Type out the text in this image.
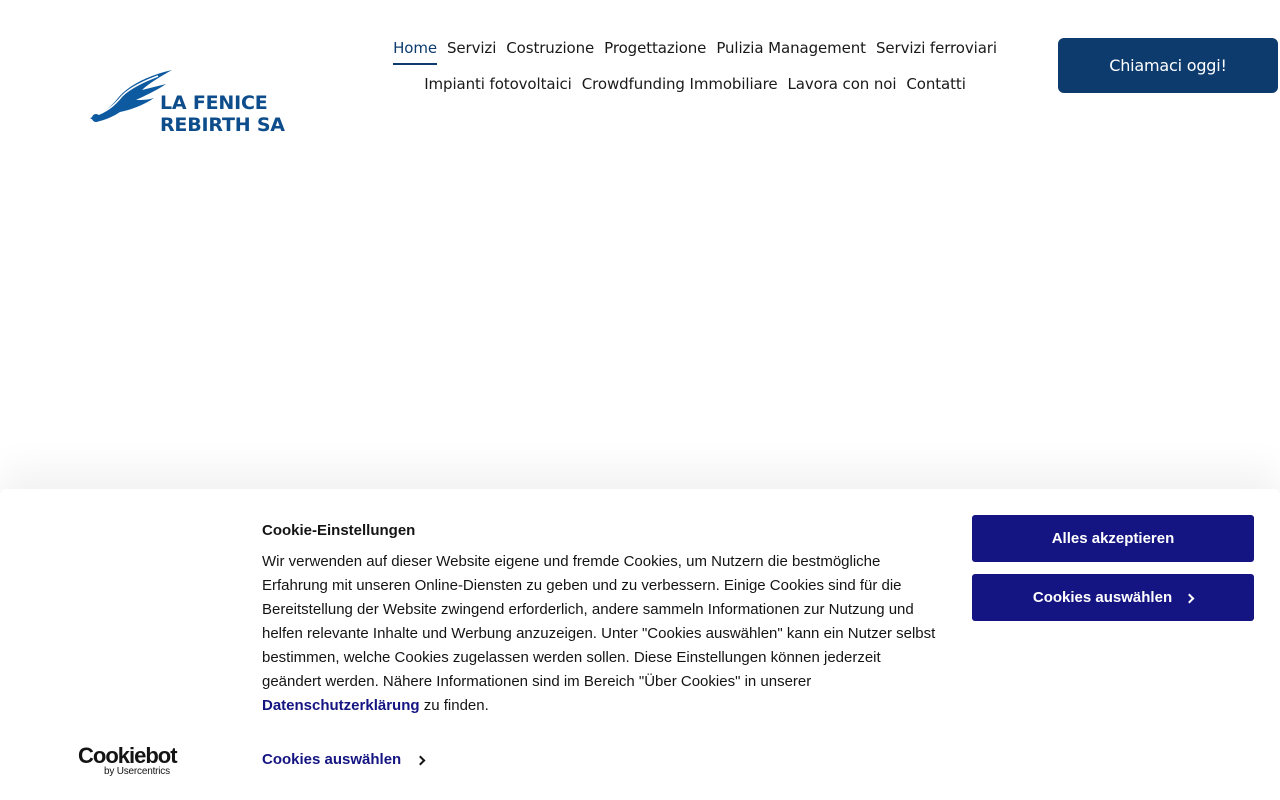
LA FENICE
REBIRTH SA
Home Servizi Costruzione Progettazione Pulizia Management Servizi ferroviari
Impianti fotovoltaici Crowdfunding Immobiliare Lavora con noi Contatti
Chiamaci oggi!
Cookie-Einstellungen

Wir verwenden auf dieser Website eigene und fremde Cookies, um Nutzern die bestmögliche Erfahrung mit unseren Online-Diensten zu geben und zu verbessern. Einige Cookies sind für die Bereitstellung der Website zwingend erforderlich, andere sammeln Informationen zur Nutzung und helfen relevante Inhalte und Werbung anzuzeigen. Unter "Cookies auswählen" kann ein Nutzer selbst bestimmen, welche Cookies zugelassen werden sollen. Diese Einstellungen können jederzeit geändert werden. Nähere Informationen sind im Bereich "Über Cookies" in unserer Datenschutzerklärung zu finden.

Alles akzeptieren
Cookies auswählen
Cookiebot
by Usercentrics
Cookies auswählen
